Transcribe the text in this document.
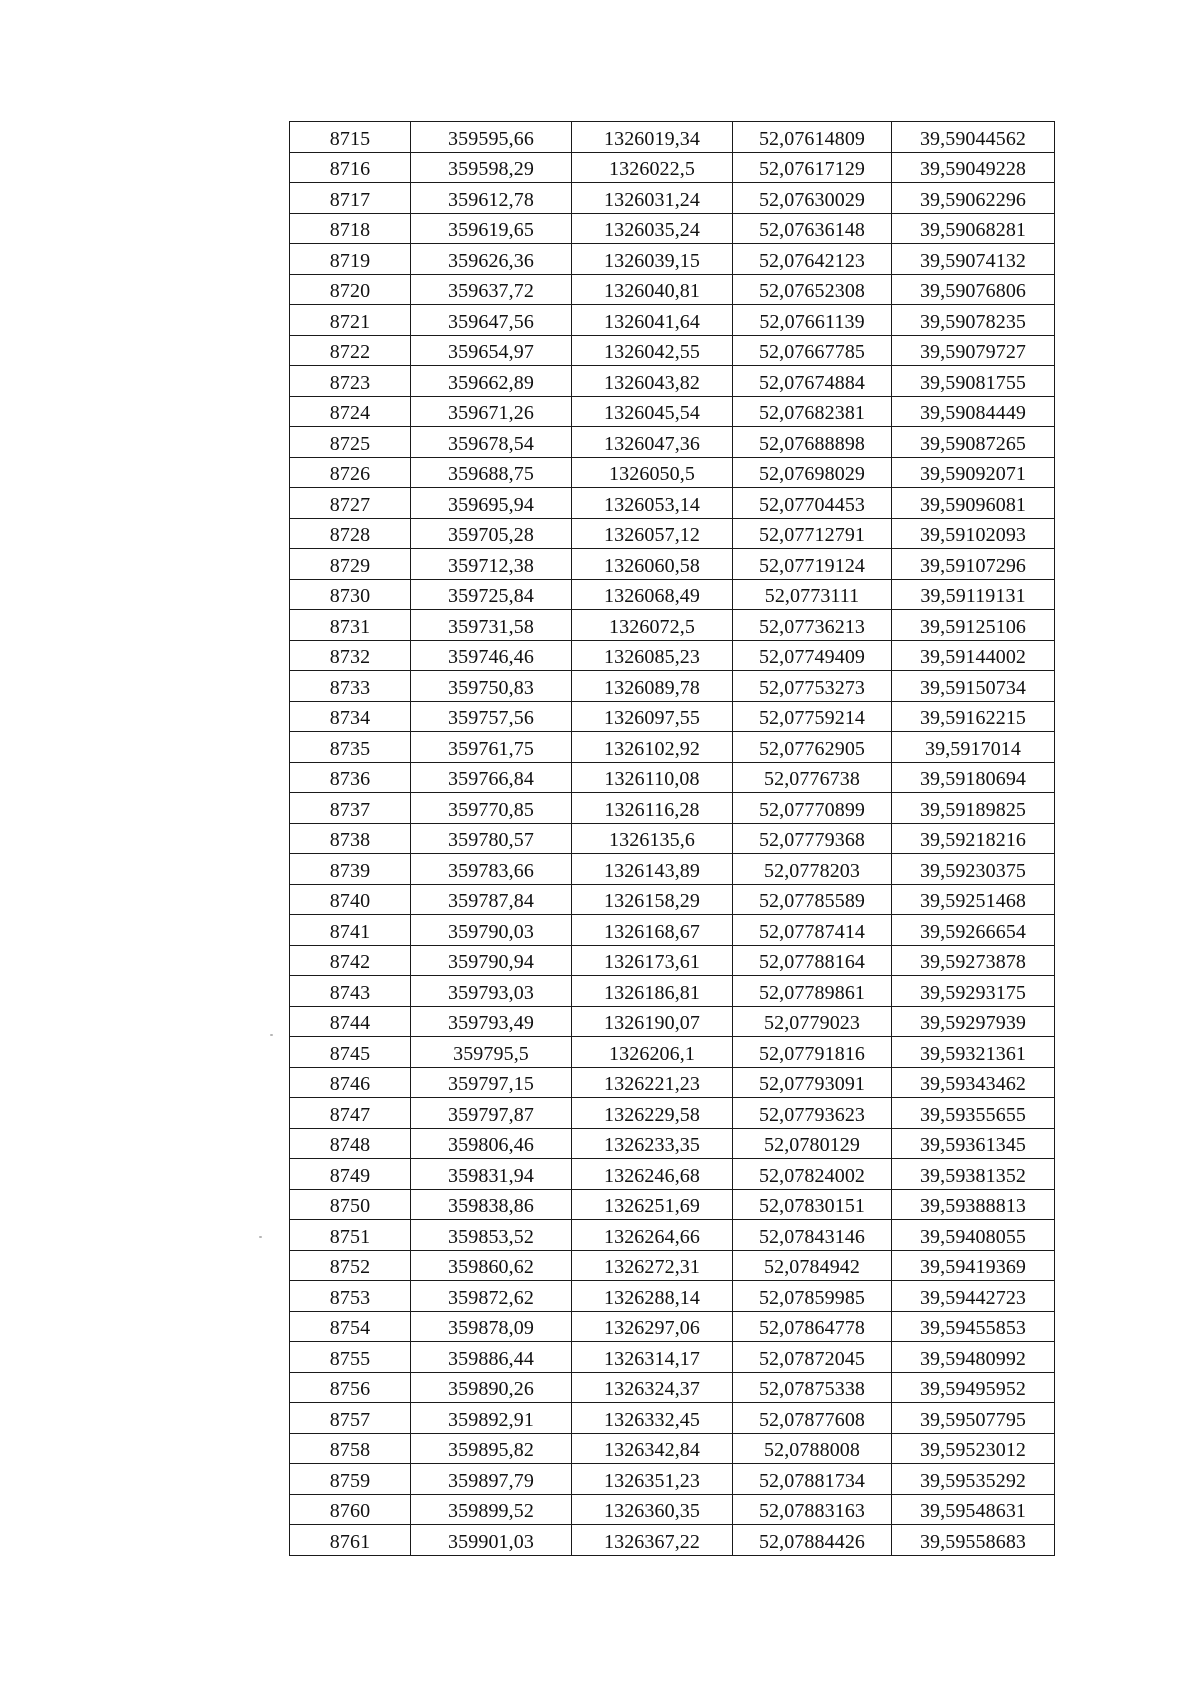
8715	359595,66	1326019,34	52,07614809	39,59044562
8716	359598,29	1326022,5	52,07617129	39,59049228
8717	359612,78	1326031,24	52,07630029	39,59062296
8718	359619,65	1326035,24	52,07636148	39,59068281
8719	359626,36	1326039,15	52,07642123	39,59074132
8720	359637,72	1326040,81	52,07652308	39,59076806
8721	359647,56	1326041,64	52,07661139	39,59078235
8722	359654,97	1326042,55	52,07667785	39,59079727
8723	359662,89	1326043,82	52,07674884	39,59081755
8724	359671,26	1326045,54	52,07682381	39,59084449
8725	359678,54	1326047,36	52,07688898	39,59087265
8726	359688,75	1326050,5	52,07698029	39,59092071
8727	359695,94	1326053,14	52,07704453	39,59096081
8728	359705,28	1326057,12	52,07712791	39,59102093
8729	359712,38	1326060,58	52,07719124	39,59107296
8730	359725,84	1326068,49	52,0773111	39,59119131
8731	359731,58	1326072,5	52,07736213	39,59125106
8732	359746,46	1326085,23	52,07749409	39,59144002
8733	359750,83	1326089,78	52,07753273	39,59150734
8734	359757,56	1326097,55	52,07759214	39,59162215
8735	359761,75	1326102,92	52,07762905	39,5917014
8736	359766,84	1326110,08	52,0776738	39,59180694
8737	359770,85	1326116,28	52,07770899	39,59189825
8738	359780,57	1326135,6	52,07779368	39,59218216
8739	359783,66	1326143,89	52,0778203	39,59230375
8740	359787,84	1326158,29	52,07785589	39,59251468
8741	359790,03	1326168,67	52,07787414	39,59266654
8742	359790,94	1326173,61	52,07788164	39,59273878
8743	359793,03	1326186,81	52,07789861	39,59293175
8744	359793,49	1326190,07	52,0779023	39,59297939
8745	359795,5	1326206,1	52,07791816	39,59321361
8746	359797,15	1326221,23	52,07793091	39,59343462
8747	359797,87	1326229,58	52,07793623	39,59355655
8748	359806,46	1326233,35	52,0780129	39,59361345
8749	359831,94	1326246,68	52,07824002	39,59381352
8750	359838,86	1326251,69	52,07830151	39,59388813
8751	359853,52	1326264,66	52,07843146	39,59408055
8752	359860,62	1326272,31	52,0784942	39,59419369
8753	359872,62	1326288,14	52,07859985	39,59442723
8754	359878,09	1326297,06	52,07864778	39,59455853
8755	359886,44	1326314,17	52,07872045	39,59480992
8756	359890,26	1326324,37	52,07875338	39,59495952
8757	359892,91	1326332,45	52,07877608	39,59507795
8758	359895,82	1326342,84	52,0788008	39,59523012
8759	359897,79	1326351,23	52,07881734	39,59535292
8760	359899,52	1326360,35	52,07883163	39,59548631
8761	359901,03	1326367,22	52,07884426	39,59558683
